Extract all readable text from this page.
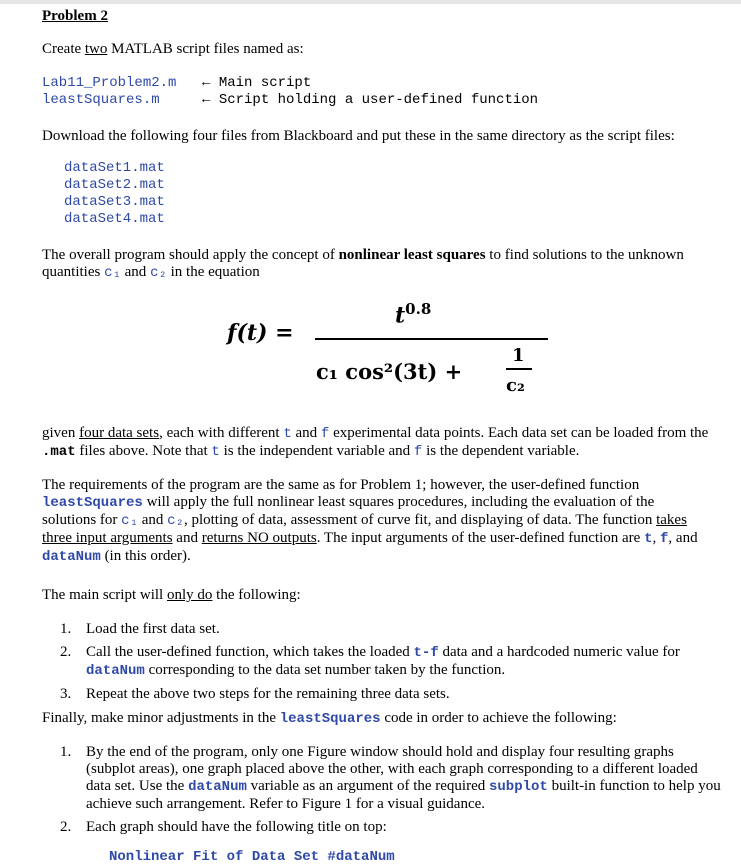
Problem 2
Create two MATLAB script files named as:
Lab11_Problem2.m ← Main script
leastSquares.m	← Script holding a user-defined function
Download the following four files from Blackboard and put these in the same directory as the script files:
dataSet1.mat
dataSet2.mat
dataSet3.mat
dataSet4.mat
The overall program should apply the concept of nonlinear least squares to find solutions to the unknown
quantities c₁ and c₂ in the equation
f(t) =
$t^{0.8}$
c₁ cos²(3t) +
1
c₂
given four data sets, each with different t and f experimental data points. Each data set can be loaded from the
.mat files above. Note that t is the independent variable and f is the dependent variable.
The requirements of the program are the same as for Problem 1; however, the user-defined function
leastSquares will apply the full nonlinear least squares procedures, including the evaluation of the
solutions for c₁ and c₂, plotting of data, assessment of curve fit, and displaying of data. The function takes
three input arguments and returns NO outputs. The input arguments of the user-defined function are t, f, and
dataNum (in this order).
The main script will only do the following:
1. Load the first data set.
2. Call the user-defined function, which takes the loaded t-f data and a hardcoded numeric value for
dataNum corresponding to the data set number taken by the function.
3. Repeat the above two steps for the remaining three data sets.
Finally, make minor adjustments in the leastSquares code in order to achieve the following:
1. By the end of the program, only one Figure window should hold and display four resulting graphs (subplot areas), one graph placed above the other, with each graph corresponding to a different loaded data set. Use the dataNum variable as an argument of the required subplot built-in function to help you achieve such arrangement. Refer to Figure 1 for a visual guidance.
2. Each graph should have the following title on top:
Nonlinear Fit of Data Set #dataNum
